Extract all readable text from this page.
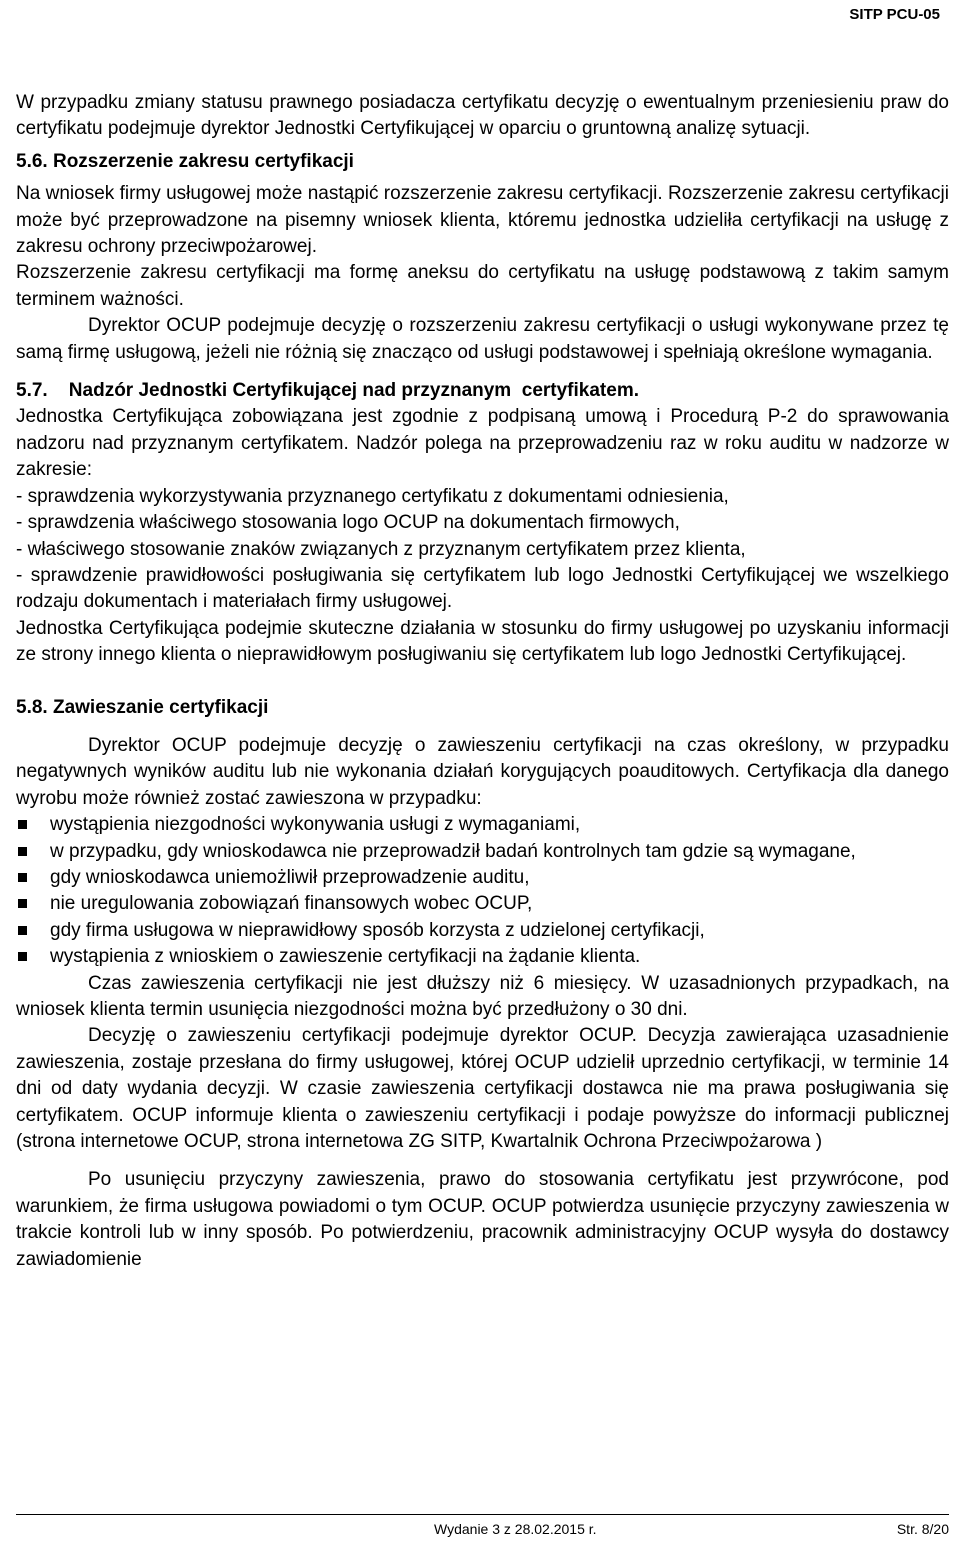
SITP PCU-05

W przypadku zmiany statusu prawnego posiadacza certyfikatu decyzję o ewentualnym przeniesieniu praw do certyfikatu podejmuje dyrektor Jednostki Certyfikującej w oparciu o gruntowną analizę sytuacji.

5.6. Rozszerzenie zakresu certyfikacji

Na wniosek firmy usługowej może nastąpić rozszerzenie zakresu certyfikacji. Rozszerzenie zakresu certyfikacji może być przeprowadzone na pisemny wniosek klienta, któremu jednostka udzieliła certyfikacji na usługę z zakresu ochrony przeciwpożarowej.

Rozszerzenie zakresu certyfikacji ma formę aneksu do certyfikatu na usługę podstawową z takim samym terminem ważności.

Dyrektor OCUP podejmuje decyzję o rozszerzeniu zakresu certyfikacji o usługi wykonywane przez tę samą firmę usługową, jeżeli nie różnią się znacząco od usługi podstawowej i spełniają określone wymagania.

5.7.    Nadzór Jednostki Certyfikującej nad przyznanym  certyfikatem.

Jednostka Certyfikująca zobowiązana jest zgodnie z podpisaną umową i Procedurą P-2 do sprawowania nadzoru nad przyznanym certyfikatem. Nadzór polega na przeprowadzeniu raz w roku auditu w nadzorze w zakresie:

- sprawdzenia wykorzystywania przyznanego certyfikatu z dokumentami odniesienia,

- sprawdzenia właściwego stosowania logo OCUP na dokumentach firmowych,

- właściwego stosowanie znaków związanych z przyznanym certyfikatem przez klienta,

- sprawdzenie prawidłowości posługiwania się certyfikatem lub logo Jednostki Certyfikującej we wszelkiego rodzaju dokumentach i materiałach firmy usługowej.

Jednostka Certyfikująca podejmie skuteczne działania w stosunku do firmy usługowej po uzyskaniu informacji ze strony innego klienta o nieprawidłowym posługiwaniu się certyfikatem lub logo Jednostki Certyfikującej.

5.8. Zawieszanie certyfikacji

Dyrektor OCUP podejmuje decyzję o zawieszeniu certyfikacji na czas określony, w przypadku negatywnych wyników auditu lub nie wykonania działań korygujących poauditowych. Certyfikacja dla danego wyrobu może również zostać zawieszona w przypadku:

wystąpienia niezgodności wykonywania usługi z wymaganiami,
w przypadku, gdy wnioskodawca nie przeprowadził badań kontrolnych tam gdzie są wymagane,
gdy wnioskodawca uniemożliwił przeprowadzenie auditu,
nie uregulowania zobowiązań finansowych wobec OCUP,
gdy firma usługowa w nieprawidłowy sposób korzysta z udzielonej certyfikacji,
wystąpienia z wnioskiem o zawieszenie certyfikacji na żądanie klienta.

Czas zawieszenia certyfikacji nie jest dłuższy niż 6 miesięcy. W uzasadnionych przypadkach, na wniosek klienta termin usunięcia niezgodności można być przedłużony o 30 dni.

Decyzję o zawieszeniu certyfikacji podejmuje dyrektor OCUP. Decyzja zawierająca uzasadnienie zawieszenia, zostaje przesłana do firmy usługowej, której OCUP udzielił uprzednio certyfikacji, w terminie 14 dni od daty wydania decyzji. W czasie zawieszenia certyfikacji dostawca nie ma prawa posługiwania się certyfikatem. OCUP informuje klienta o zawieszeniu certyfikacji i podaje powyższe do informacji publicznej (strona internetowe OCUP, strona internetowa ZG SITP, Kwartalnik Ochrona Przeciwpożarowa )

Po usunięciu przyczyny zawieszenia, prawo do stosowania certyfikatu jest przywrócone, pod warunkiem, że firma usługowa powiadomi o tym OCUP. OCUP potwierdza usunięcie przyczyny zawieszenia w trakcie kontroli lub w inny sposób. Po potwierdzeniu, pracownik administracyjny OCUP wysyła do dostawcy zawiadomienie

Wydanie 3 z 28.02.2015 r.	Str. 8/20
